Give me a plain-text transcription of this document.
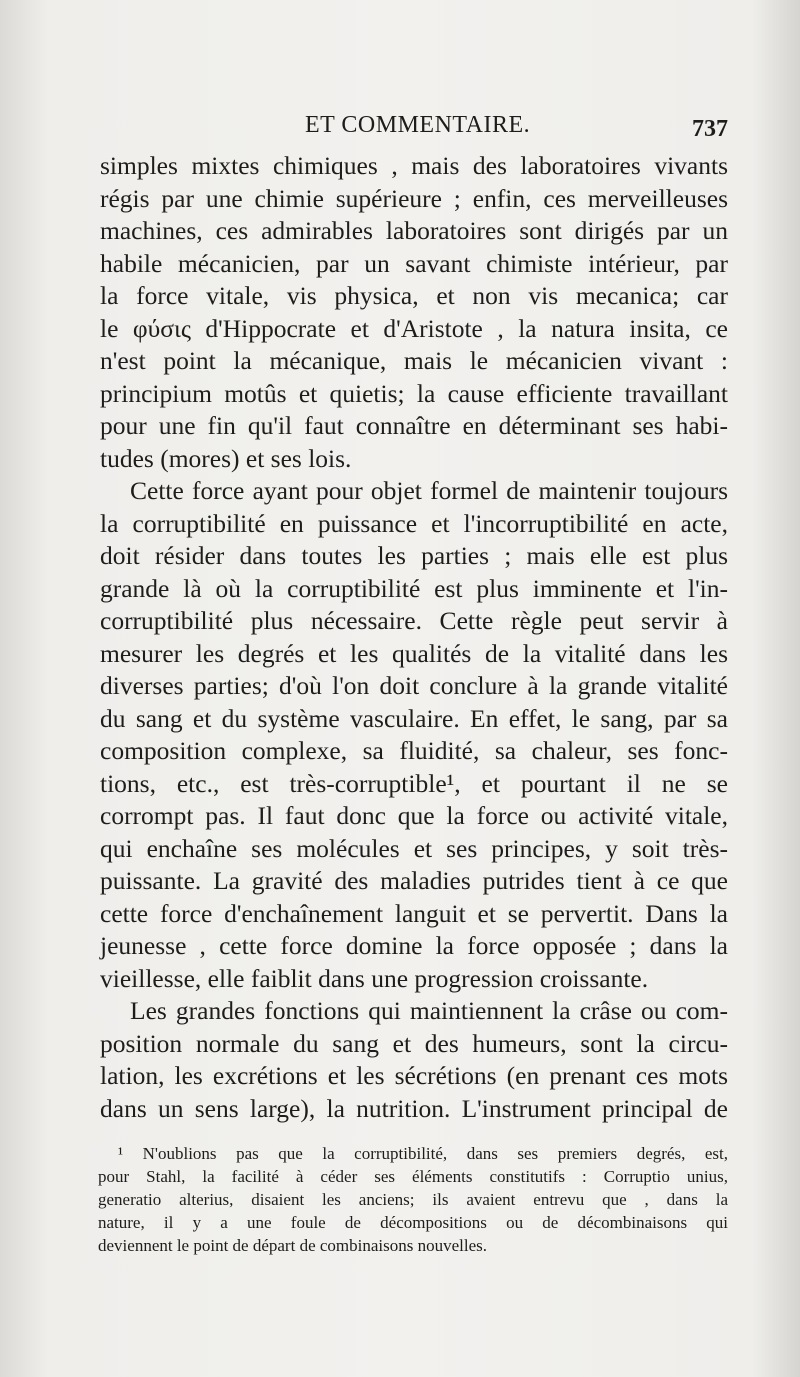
ET COMMENTAIRE.	737
simples mixtes chimiques , mais des laboratoires vivants
régis par une chimie supérieure ; enfin, ces merveilleuses
machines, ces admirables laboratoires sont dirigés par un
habile mécanicien, par un savant chimiste intérieur, par
la force vitale, vis physica, et non vis mecanica; car
le φύσις d'Hippocrate et d'Aristote , la natura insita, ce
n'est point la mécanique, mais le mécanicien vivant :
principium motûs et quietis; la cause efficiente travaillant
pour une fin qu'il faut connaître en déterminant ses habi-
tudes (mores) et ses lois.
Cette force ayant pour objet formel de maintenir toujours
la corruptibilité en puissance et l'incorruptibilité en acte,
doit résider dans toutes les parties ; mais elle est plus
grande là où la corruptibilité est plus imminente et l'in-
corruptibilité plus nécessaire. Cette règle peut servir à
mesurer les degrés et les qualités de la vitalité dans les
diverses parties; d'où l'on doit conclure à la grande vitalité
du sang et du système vasculaire. En effet, le sang, par sa
composition complexe, sa fluidité, sa chaleur, ses fonc-
tions, etc., est très-corruptible¹, et pourtant il ne se
corrompt pas. Il faut donc que la force ou activité vitale,
qui enchaîne ses molécules et ses principes, y soit très-
puissante. La gravité des maladies putrides tient à ce que
cette force d'enchaînement languit et se pervertit. Dans la
jeunesse , cette force domine la force opposée ; dans la
vieillesse, elle faiblit dans une progression croissante.
Les grandes fonctions qui maintiennent la crâse ou com-
position normale du sang et des humeurs, sont la circu-
lation, les excrétions et les sécrétions (en prenant ces mots
dans un sens large), la nutrition. L'instrument principal de
¹ N'oublions pas que la corruptibilité, dans ses premiers degrés, est,
pour Stahl, la facilité à céder ses éléments constitutifs : Corruptio unius,
generatio alterius, disaient les anciens; ils avaient entrevu que , dans la
nature, il y a une foule de décompositions ou de décombinaisons qui
deviennent le point de départ de combinaisons nouvelles.
